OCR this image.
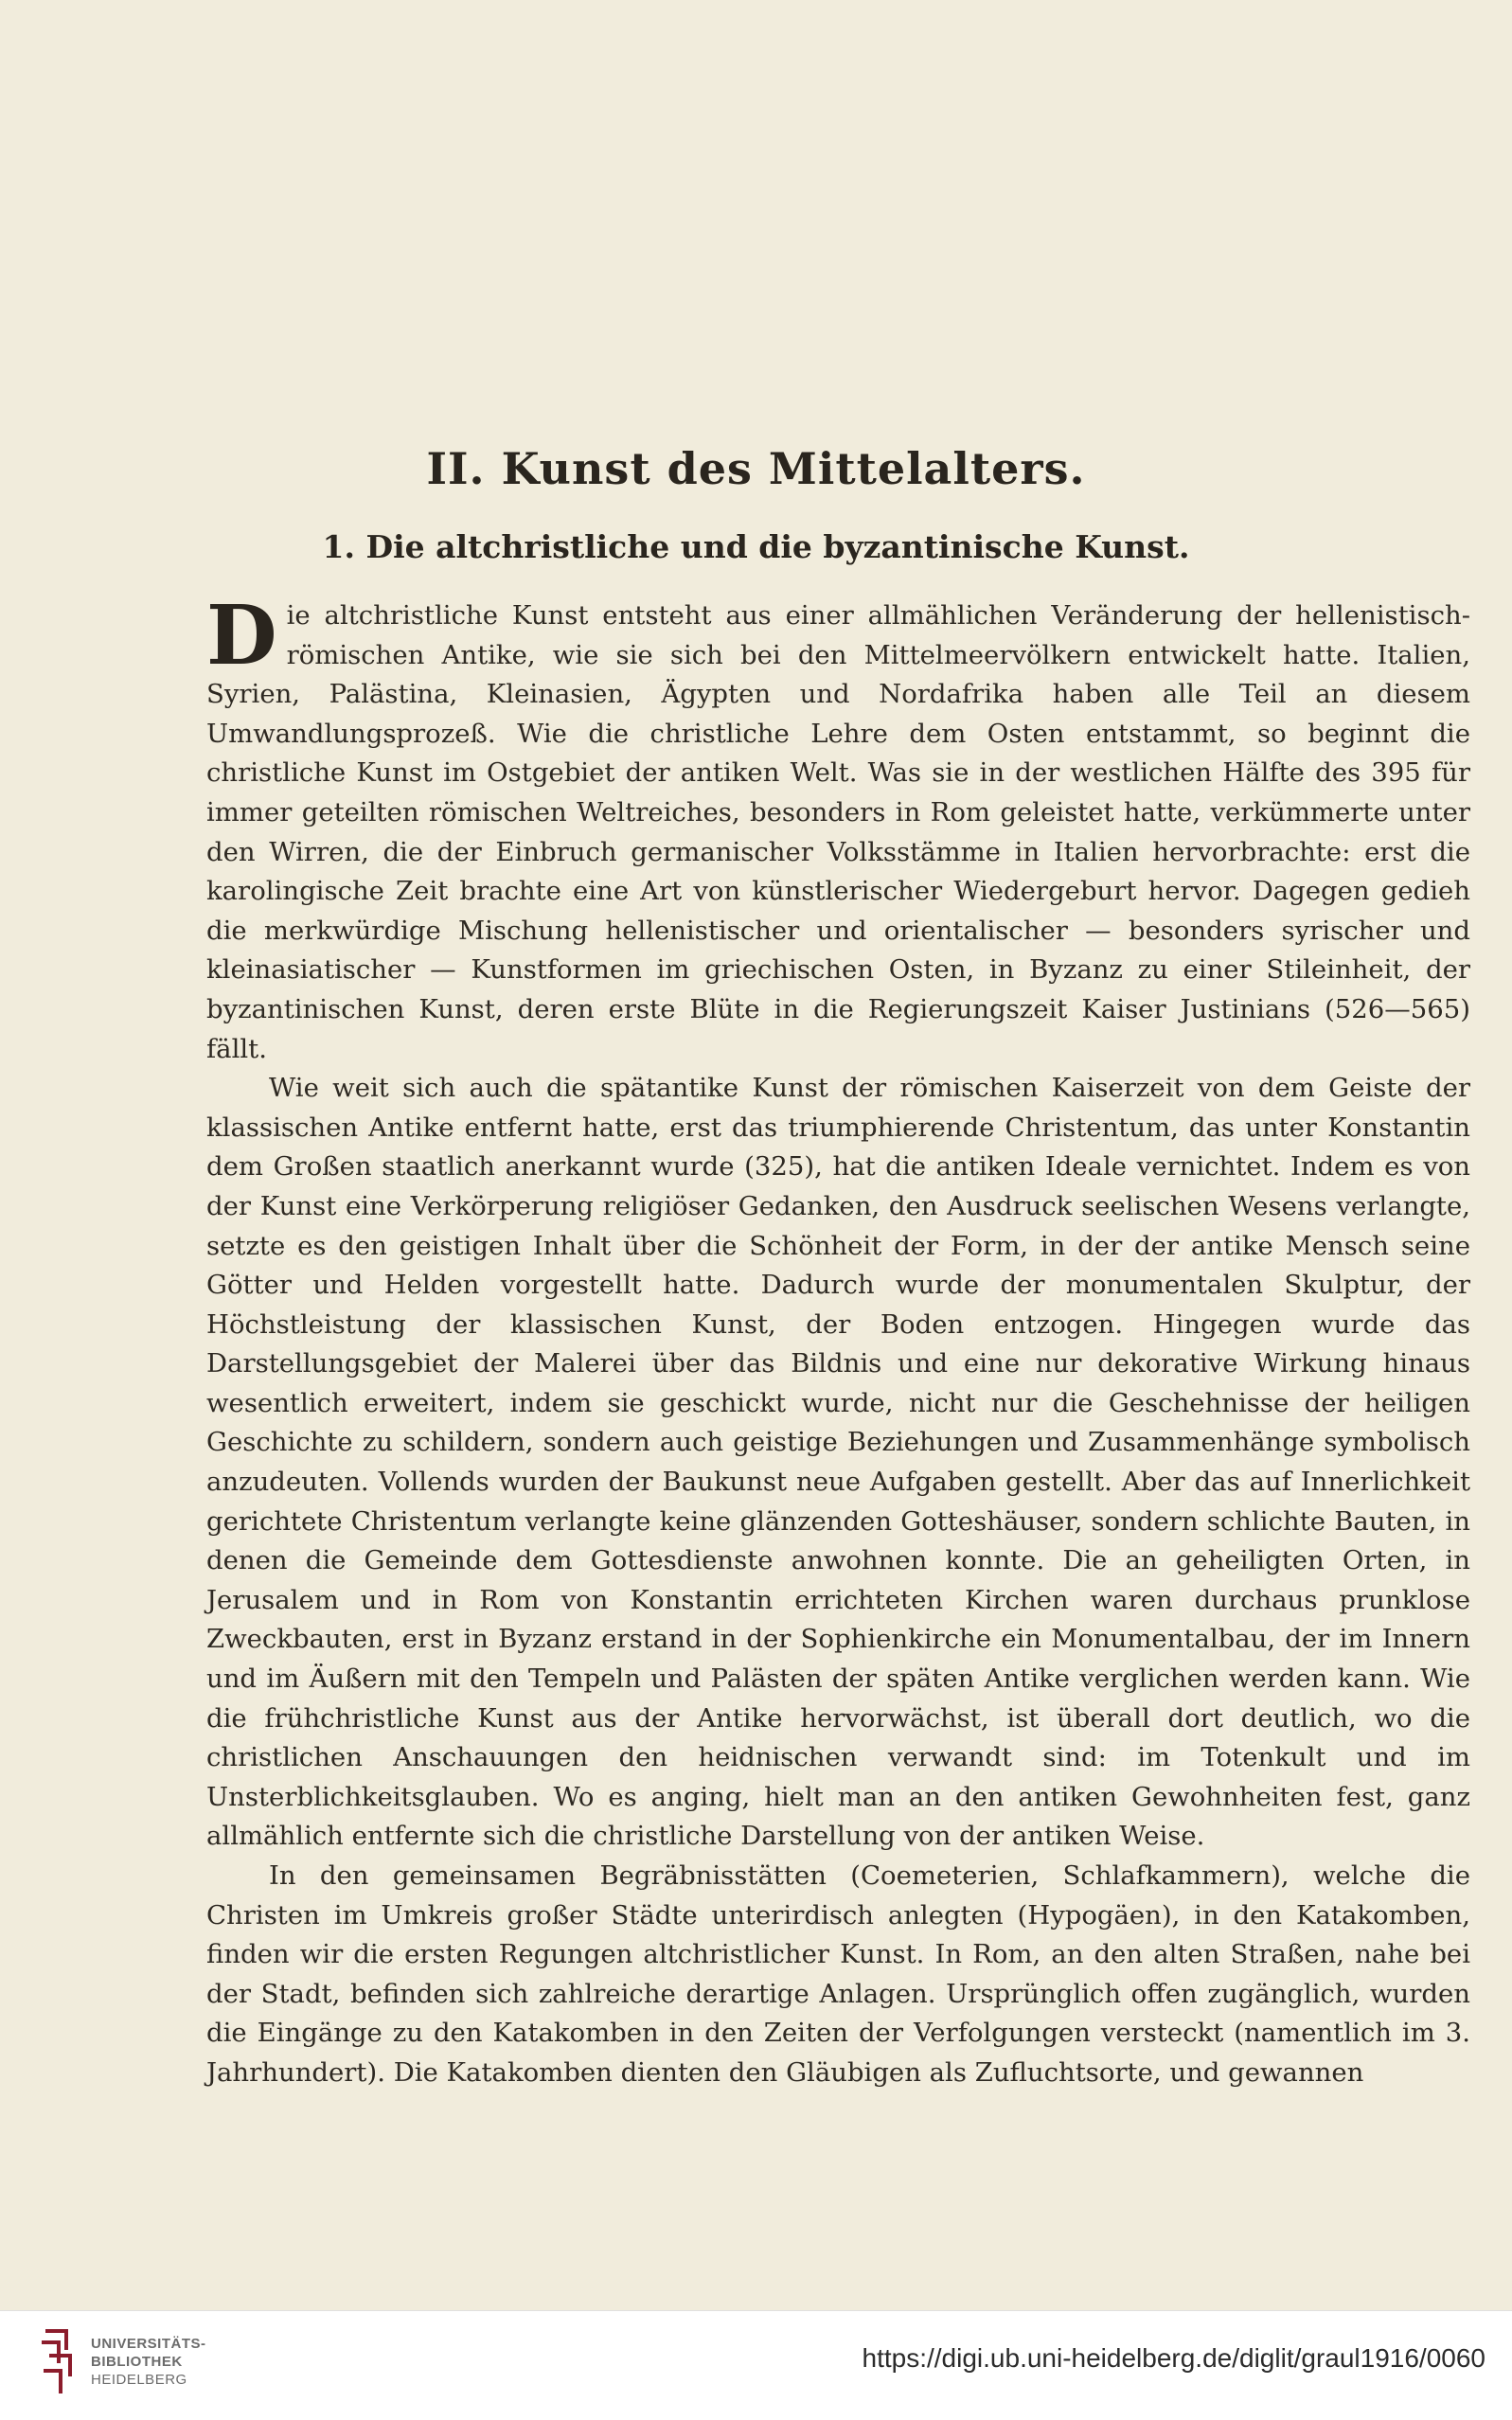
II. Kunst des Mittelalters.
1. Die altchristliche und die byzantinische Kunst.

Die altchristliche Kunst entsteht aus einer allmählichen Veränderung der hellenistisch-römischen Antike, wie sie sich bei den Mittelmeervölkern entwickelt hatte. Italien, Syrien, Palästina, Kleinasien, Ägypten und Nordafrika haben alle Teil an diesem Umwandlungsprozeß. Wie die christliche Lehre dem Osten entstammt, so beginnt die christliche Kunst im Ostgebiet der antiken Welt. Was sie in der westlichen Hälfte des 395 für immer geteilten römischen Weltreiches, besonders in Rom geleistet hatte, verkümmerte unter den Wirren, die der Einbruch germanischer Volksstämme in Italien hervorbrachte: erst die karolingische Zeit brachte eine Art von künstlerischer Wiedergeburt hervor. Dagegen gedieh die merkwürdige Mischung hellenistischer und orientalischer — besonders syrischer und kleinasiatischer — Kunstformen im griechischen Osten, in Byzanz zu einer Stileinheit, der byzantinischen Kunst, deren erste Blüte in die Regierungszeit Kaiser Justinians (526—565) fällt.

Wie weit sich auch die spätantike Kunst der römischen Kaiserzeit von dem Geiste der klassischen Antike entfernt hatte, erst das triumphierende Christentum, das unter Konstantin dem Großen staatlich anerkannt wurde (325), hat die antiken Ideale vernichtet. Indem es von der Kunst eine Verkörperung religiöser Gedanken, den Ausdruck seelischen Wesens verlangte, setzte es den geistigen Inhalt über die Schönheit der Form, in der der antike Mensch seine Götter und Helden vorgestellt hatte. Dadurch wurde der monumentalen Skulptur, der Höchstleistung der klassischen Kunst, der Boden entzogen. Hingegen wurde das Darstellungsgebiet der Malerei über das Bildnis und eine nur dekorative Wirkung hinaus wesentlich erweitert, indem sie geschickt wurde, nicht nur die Geschehnisse der heiligen Geschichte zu schildern, sondern auch geistige Beziehungen und Zusammenhänge symbolisch anzudeuten. Vollends wurden der Baukunst neue Aufgaben gestellt. Aber das auf Innerlichkeit gerichtete Christentum verlangte keine glänzenden Gotteshäuser, sondern schlichte Bauten, in denen die Gemeinde dem Gottesdienste anwohnen konnte. Die an geheiligten Orten, in Jerusalem und in Rom von Konstantin errichteten Kirchen waren durchaus prunklose Zweckbauten, erst in Byzanz erstand in der Sophienkirche ein Monumentalbau, der im Innern und im Äußern mit den Tempeln und Palästen der späten Antike verglichen werden kann. Wie die frühchristliche Kunst aus der Antike hervorwächst, ist überall dort deutlich, wo die christlichen Anschauungen den heidnischen verwandt sind: im Totenkult und im Unsterblichkeitsglauben. Wo es anging, hielt man an den antiken Gewohnheiten fest, ganz allmählich entfernte sich die christliche Darstellung von der antiken Weise.

In den gemeinsamen Begräbnisstätten (Coemeterien, Schlafkammern), welche die Christen im Umkreis großer Städte unterirdisch anlegten (Hypogäen), in den Katakomben, finden wir die ersten Regungen altchristlicher Kunst. In Rom, an den alten Straßen, nahe bei der Stadt, befinden sich zahlreiche derartige Anlagen. Ursprünglich offen zugänglich, wurden die Eingänge zu den Katakomben in den Zeiten der Verfolgungen versteckt (namentlich im 3. Jahrhundert). Die Katakomben dienten den Gläubigen als Zufluchtsorte, und gewannen

UNIVERSITÄTS-
BIBLIOTHEK
HEIDELBERG
https://digi.ub.uni-heidelberg.de/diglit/graul1916/0060
